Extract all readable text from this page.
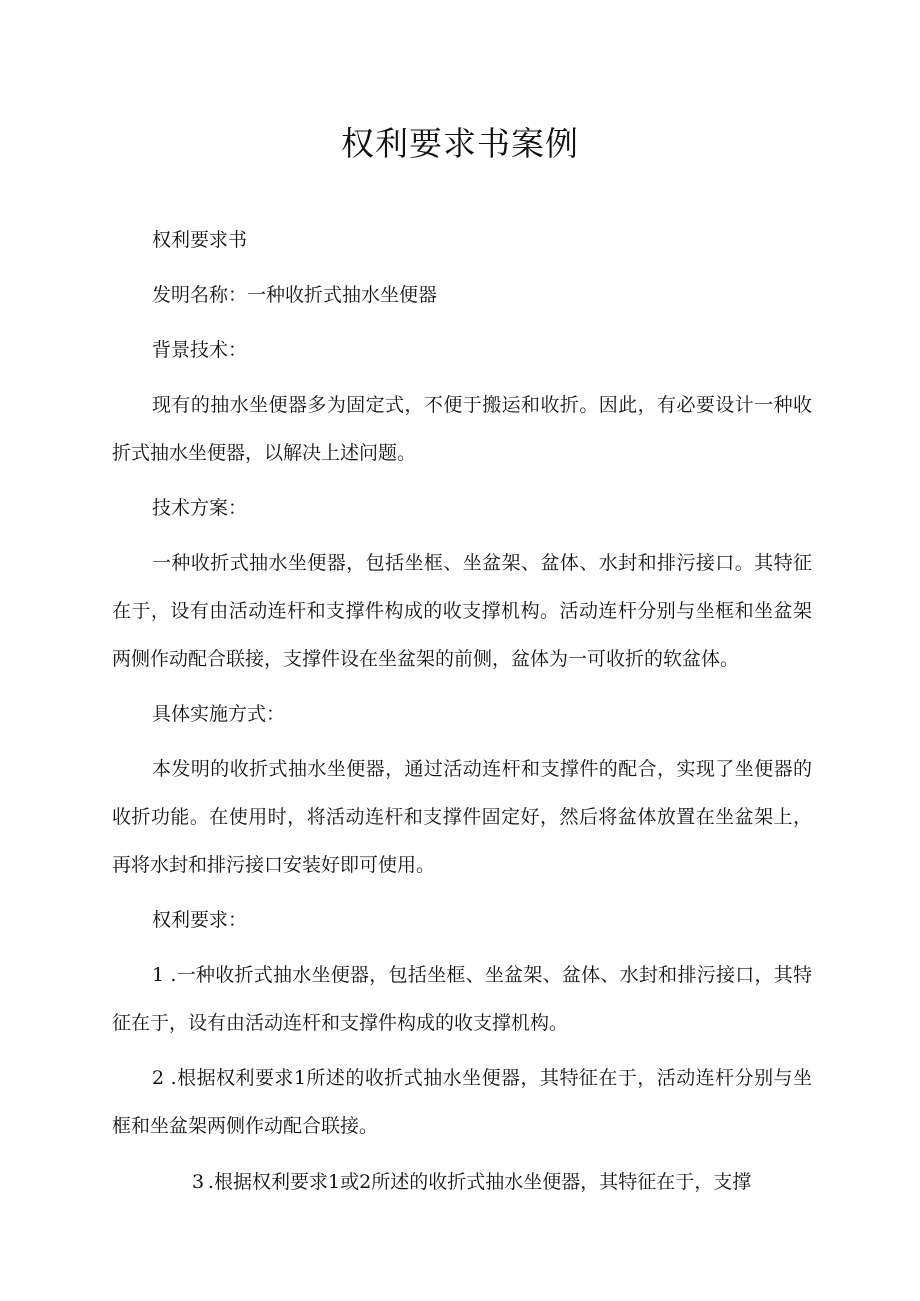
权利要求书案例

权利要求书

发明名称：一种收折式抽水坐便器

背景技术：

现有的抽水坐便器多为固定式，不便于搬运和收折。因此，有必要设计一种收折式抽水坐便器，以解决上述问题。

技术方案：

一种收折式抽水坐便器，包括坐框、坐盆架、盆体、水封和排污接口。其特征在于，设有由活动连杆和支撑件构成的收支撑机构。活动连杆分别与坐框和坐盆架两侧作动配合联接，支撑件设在坐盆架的前侧，盆体为一可收折的软盆体。

具体实施方式：

本发明的收折式抽水坐便器，通过活动连杆和支撑件的配合，实现了坐便器的收折功能。在使用时，将活动连杆和支撑件固定好，然后将盆体放置在坐盆架上，再将水封和排污接口安装好即可使用。

权利要求：

1 .一种收折式抽水坐便器，包括坐框、坐盆架、盆体、水封和排污接口，其特征在于，设有由活动连杆和支撑件构成的收支撑机构。

2 .根据权利要求1所述的收折式抽水坐便器，其特征在于，活动连杆分别与坐框和坐盆架两侧作动配合联接。

3 .根据权利要求1或2所述的收折式抽水坐便器，其特征在于，支撑
